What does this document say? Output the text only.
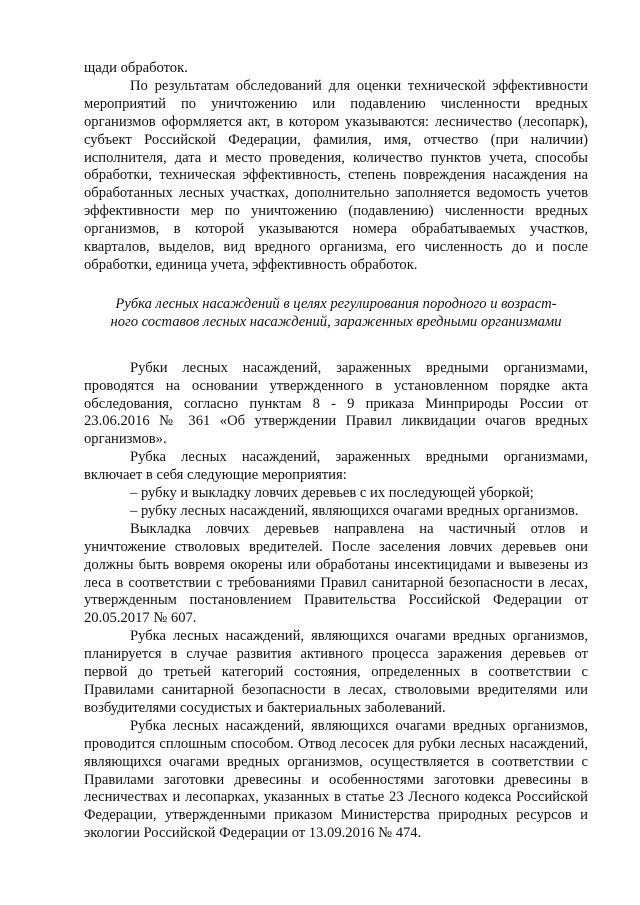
щади обработок.

По результатам обследований для оценки технической эффективности мероприятий по уничтожению или подавлению численности вредных организмов оформляется акт, в котором указываются: лесничество (лесопарк), субъект Российской Федерации, фамилия, имя, отчество (при наличии) исполнителя, дата и место проведения, количество пунктов учета, способы обработки, техническая эффективность, степень повреждения насаждения на обработанных лесных участках, дополнительно заполняется ведомость учетов эффективности мер по уничтожению (подавлению) численности вредных организмов, в которой указываются номера обрабатываемых участков, кварталов, выделов, вид вредного организма, его численность до и после обработки, единица учета, эффективность обработок.

Рубка лесных насаждений в целях регулирования породного и возраст-
ного составов лесных насаждений, зараженных вредными организмами

Рубки лесных насаждений, зараженных вредными организмами, проводятся на основании утвержденного в установленном порядке акта обследования, согласно пунктам 8 - 9 приказа Минприроды России от 23.06.2016 № 361 «Об утверждении Правил ликвидации очагов вредных организмов».

Рубка лесных насаждений, зараженных вредными организмами, включает в себя следующие мероприятия:

– рубку и выкладку ловчих деревьев с их последующей уборкой;

– рубку лесных насаждений, являющихся очагами вредных организмов.

Выкладка ловчих деревьев направлена на частичный отлов и уничтожение стволовых вредителей. После заселения ловчих деревьев они должны быть вовремя окорены или обработаны инсектицидами и вывезены из леса в соответствии с требованиями Правил санитарной безопасности в лесах, утвержденным постановлением Правительства Российской Федерации от 20.05.2017 № 607.

Рубка лесных насаждений, являющихся очагами вредных организмов, планируется в случае развития активного процесса заражения деревьев от первой до третьей категорий состояния, определенных в соответствии с Правилами санитарной безопасности в лесах, стволовыми вредителями или возбудителями сосудистых и бактериальных заболеваний.

Рубка лесных насаждений, являющихся очагами вредных организмов, проводится сплошным способом. Отвод лесосек для рубки лесных насаждений, являющихся очагами вредных организмов, осуществляется в соответствии с Правилами заготовки древесины и особенностями заготовки древесины в лесничествах и лесопарках, указанных в статье 23 Лесного кодекса Российской Федерации, утвержденными приказом Министерства природных ресурсов и экологии Российской Федерации от 13.09.2016 № 474.
